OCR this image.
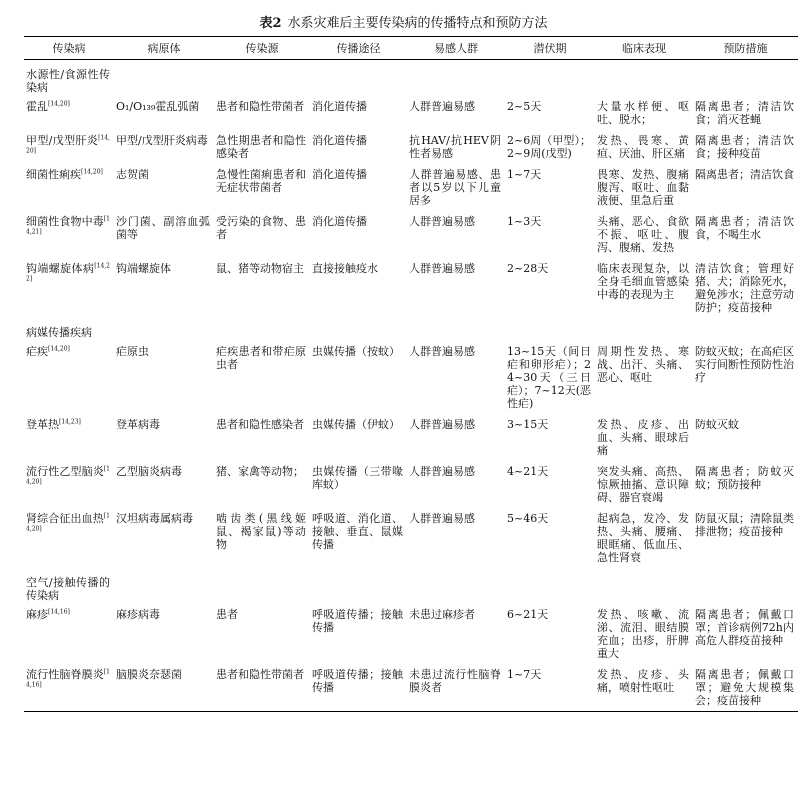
表2 水系灾难后主要传染病的传播特点和预防方法
传染病	病原体	传染源	传播途径	易感人群	潜伏期	临床表现	预防措施
水源性/食源性传染病							
霍乱[14,20]	O₁/O₁₃₉霍乱弧菌	患者和隐性带菌者	消化道传播	人群普遍易感	2~5天	大量水样便、呕吐、脱水；	隔离患者；清洁饮食；消灭苍蝇
甲型/戊型肝炎[14,20]	甲型/戊型肝炎病毒	急性期患者和隐性感染者	消化道传播	抗HAV/抗HEV阴性者易感	2~6周（甲型）；2~9周(戊型)	发热、畏寒、黄疸、厌油、肝区痛	隔离患者；清洁饮食；接种疫苗
细菌性痢疾[14,20]	志贺菌	急慢性菌痢患者和无症状带菌者	消化道传播	人群普遍易感、患者以5岁以下儿童居多	1~7天	畏寒、发热、腹痛腹泻、呕吐、血黏液便、里急后重	隔离患者；清洁饮食
细菌性食物中毒[14,21]	沙门菌、副溶血弧菌等	受污染的食物、患者	消化道传播	人群普遍易感	1~3天	头痛、恶心、食欲不振、呕吐、腹泻、腹痛、发热	隔离患者；清洁饮食，不喝生水
钩端螺旋体病[14,22]	钩端螺旋体	鼠、猪等动物宿主	直接接触疫水	人群普遍易感	2~28天	临床表现复杂，以全身毛细血管感染中毒的表现为主	清洁饮食；管理好猪、犬；消除死水，避免涉水；注意劳动防护；疫苗接种
病媒传播疾病							
疟疾[14,20]	疟原虫	疟疾患者和带疟原虫者	虫媒传播（按蚊）	人群普遍易感	13~15天（间日疟和卵形疟）；24~30天（三日疟）；7~12天(恶性疟)	周期性发热、寒战、出汗、头痛、恶心、呕吐	防蚊灭蚊；在高疟区实行间断性预防性治疗
登革热[14,23]	登革病毒	患者和隐性感染者	虫媒传播（伊蚊）	人群普遍易感	3~15天	发热、皮疹、出血、头痛、眼球后痛	防蚊灭蚊
流行性乙型脑炎[14,20]	乙型脑炎病毒	猪、家禽等动物；	虫媒传播（三带喙库蚊）	人群普遍易感	4~21天	突发头痛、高热、惊厥抽搐、意识障碍、器官衰竭	隔离患者；防蚊灭蚊；预防接种
肾综合征出血热[14,20]	汉坦病毒属病毒	啮齿类(黑线姬鼠、褐家鼠)等动物	呼吸道、消化道、接触、垂直、鼠媒传播	人群普遍易感	5~46天	起病急，发冷、发热、头痛、腰痛、眼眶痛、低血压、急性肾衰	防鼠灭鼠；清除鼠类排泄物；疫苗接种
空气/接触传播的传染病							
麻疹[14,16]	麻疹病毒	患者	呼吸道传播；接触传播	未患过麻疹者	6~21天	发热、咳嗽、流涕、流泪、眼结膜充血；出疹，肝脾重大	隔离患者；佩戴口罩；首诊病例72h内高危人群疫苗接种
流行性脑脊膜炎[14,16]	脑膜炎奈瑟菌	患者和隐性带菌者	呼吸道传播；接触传播	未患过流行性脑脊膜炎者	1~7天	发热、皮疹、头痛，喷射性呕吐	隔离患者；佩戴口罩；避免大规模集会；疫苗接种
